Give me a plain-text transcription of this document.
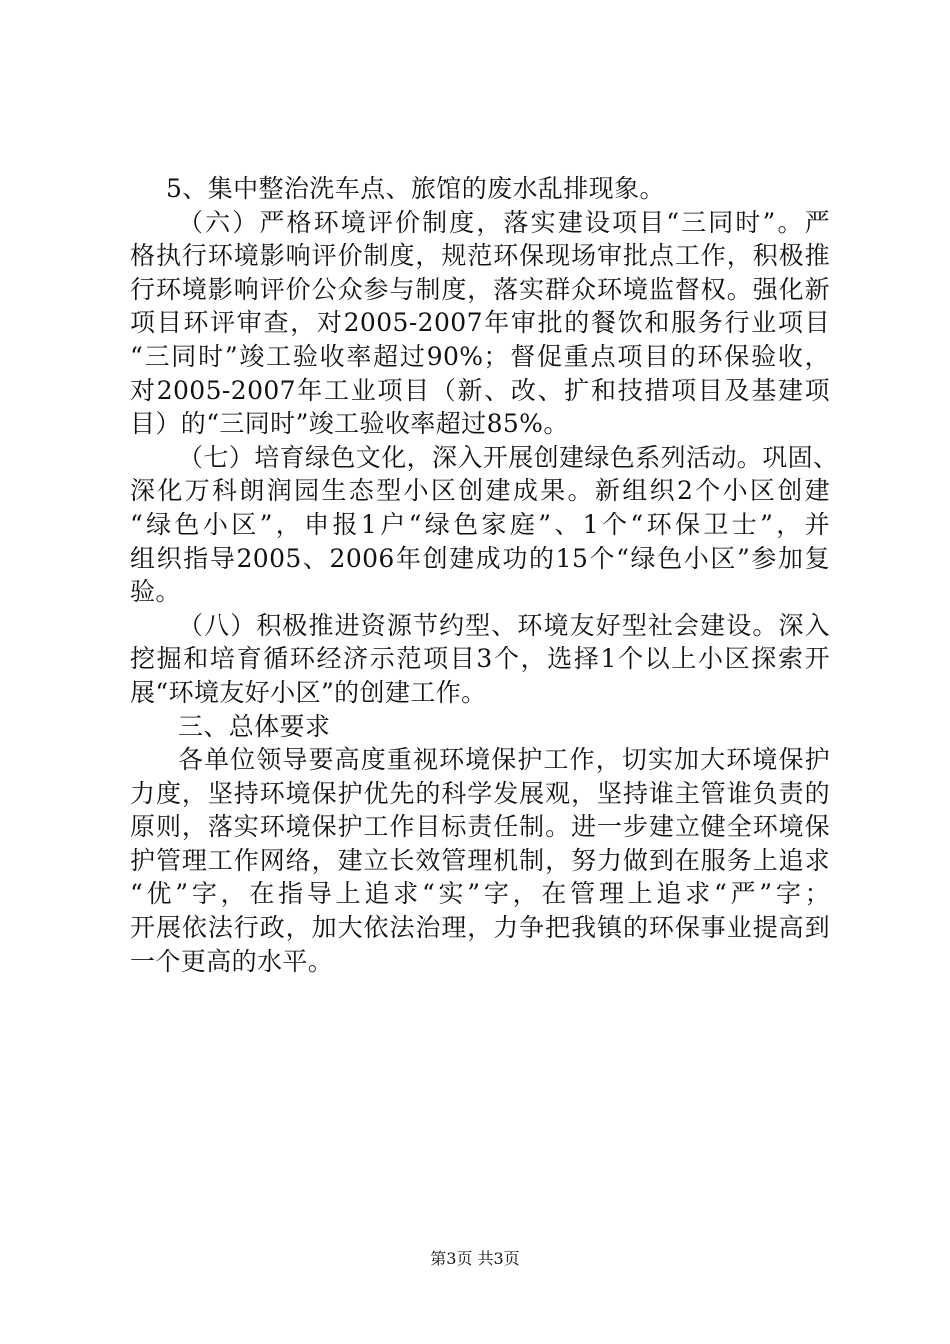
5、集中整治洗车点、旅馆的废水乱排现象。
（六）严格环境评价制度，落实建设项目“三同时”。严
格执行环境影响评价制度，规范环保现场审批点工作，积极推
行环境影响评价公众参与制度，落实群众环境监督权。强化新
项目环评审查，对2005-2007年审批的餐饮和服务行业项目
“三同时”竣工验收率超过90%；督促重点项目的环保验收，
对2005-2007年工业项目（新、改、扩和技措项目及基建项
目）的“三同时”竣工验收率超过85%。
（七）培育绿色文化，深入开展创建绿色系列活动。巩固、
深化万科朗润园生态型小区创建成果。新组织2个小区创建
“绿色小区”，申报1户“绿色家庭”、1个“环保卫士”，并
组织指导2005、2006年创建成功的15个“绿色小区”参加复
验。
（八）积极推进资源节约型、环境友好型社会建设。深入
挖掘和培育循环经济示范项目3个，选择1个以上小区探索开
展“环境友好小区”的创建工作。
三、总体要求
各单位领导要高度重视环境保护工作，切实加大环境保护
力度，坚持环境保护优先的科学发展观，坚持谁主管谁负责的
原则，落实环境保护工作目标责任制。进一步建立健全环境保
护管理工作网络，建立长效管理机制，努力做到在服务上追求
“优”字，在指导上追求“实”字，在管理上追求“严”字；
开展依法行政，加大依法治理，力争把我镇的环保事业提高到
一个更高的水平。
第3页 共3页
